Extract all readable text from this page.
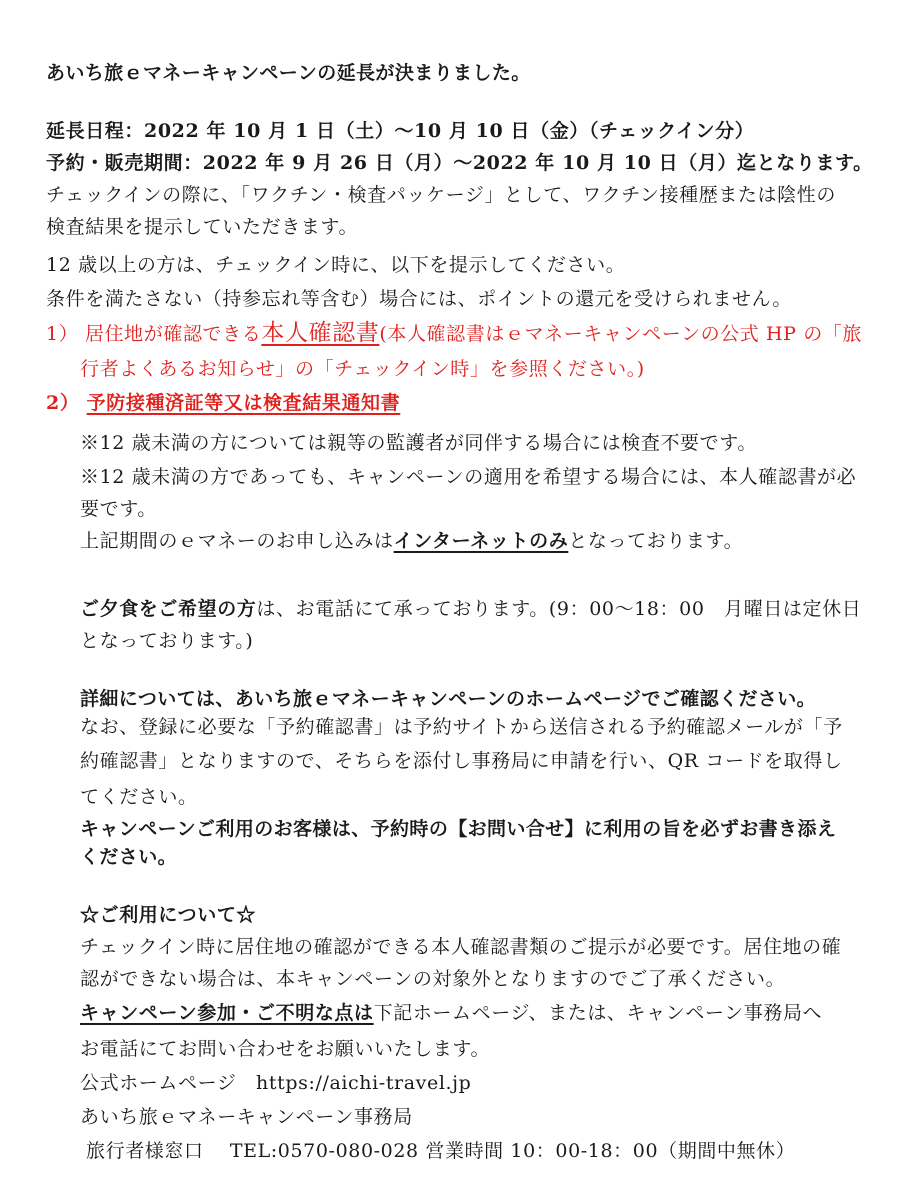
あいち旅ｅマネーキャンペーンの延長が決まりました。
延長日程：2022 年 10 月 1 日（土）〜10 月 10 日（金）（チェックイン分）
予約・販売期間：2022 年 9 月 26 日（月）〜2022 年 10 月 10 日（月）迄となります。
チェックインの際に、「ワクチン・検査パッケージ」として、ワクチン接種歴または陰性の
検査結果を提示していただきます。
12 歳以上の方は、チェックイン時に、以下を提示してください。
条件を満たさない（持参忘れ等含む）場合には、ポイントの還元を受けられません。
1） 居住地が確認できる本人確認書(本人確認書はｅマネーキャンペーンの公式 HP の「旅
行者よくあるお知らせ」の「チェックイン時」を参照ください。)
2） 予防接種済証等又は検査結果通知書
※12 歳未満の方については親等の監護者が同伴する場合には検査不要です。
※12 歳未満の方であっても、キャンペーンの適用を希望する場合には、本人確認書が必
要です。
上記期間のｅマネーのお申し込みはインターネットのみとなっております。
ご夕食をご希望の方は、お電話にて承っております。(9：00〜18：00　月曜日は定休日
となっております。)
詳細については、あいち旅ｅマネーキャンペーンのホームページでご確認ください。
なお、登録に必要な「予約確認書」は予約サイトから送信される予約確認メールが「予
約確認書」となりますので、そちらを添付し事務局に申請を行い、QR コードを取得し
てください。
キャンペーンご利用のお客様は、予約時の【お問い合せ】に利用の旨を必ずお書き添え
ください。
☆ご利用について☆
チェックイン時に居住地の確認ができる本人確認書類のご提示が必要です。居住地の確
認ができない場合は、本キャンペーンの対象外となりますのでご了承ください。
キャンペーン参加・ご不明な点は下記ホームページ、または、キャンペーン事務局へ
お電話にてお問い合わせをお願いいたします。
公式ホームページ　https://aichi-travel.jp
あいち旅ｅマネーキャンペーン事務局
旅行者様窓口　 TEL:0570-080-028 営業時間 10：00‐18：00（期間中無休）
